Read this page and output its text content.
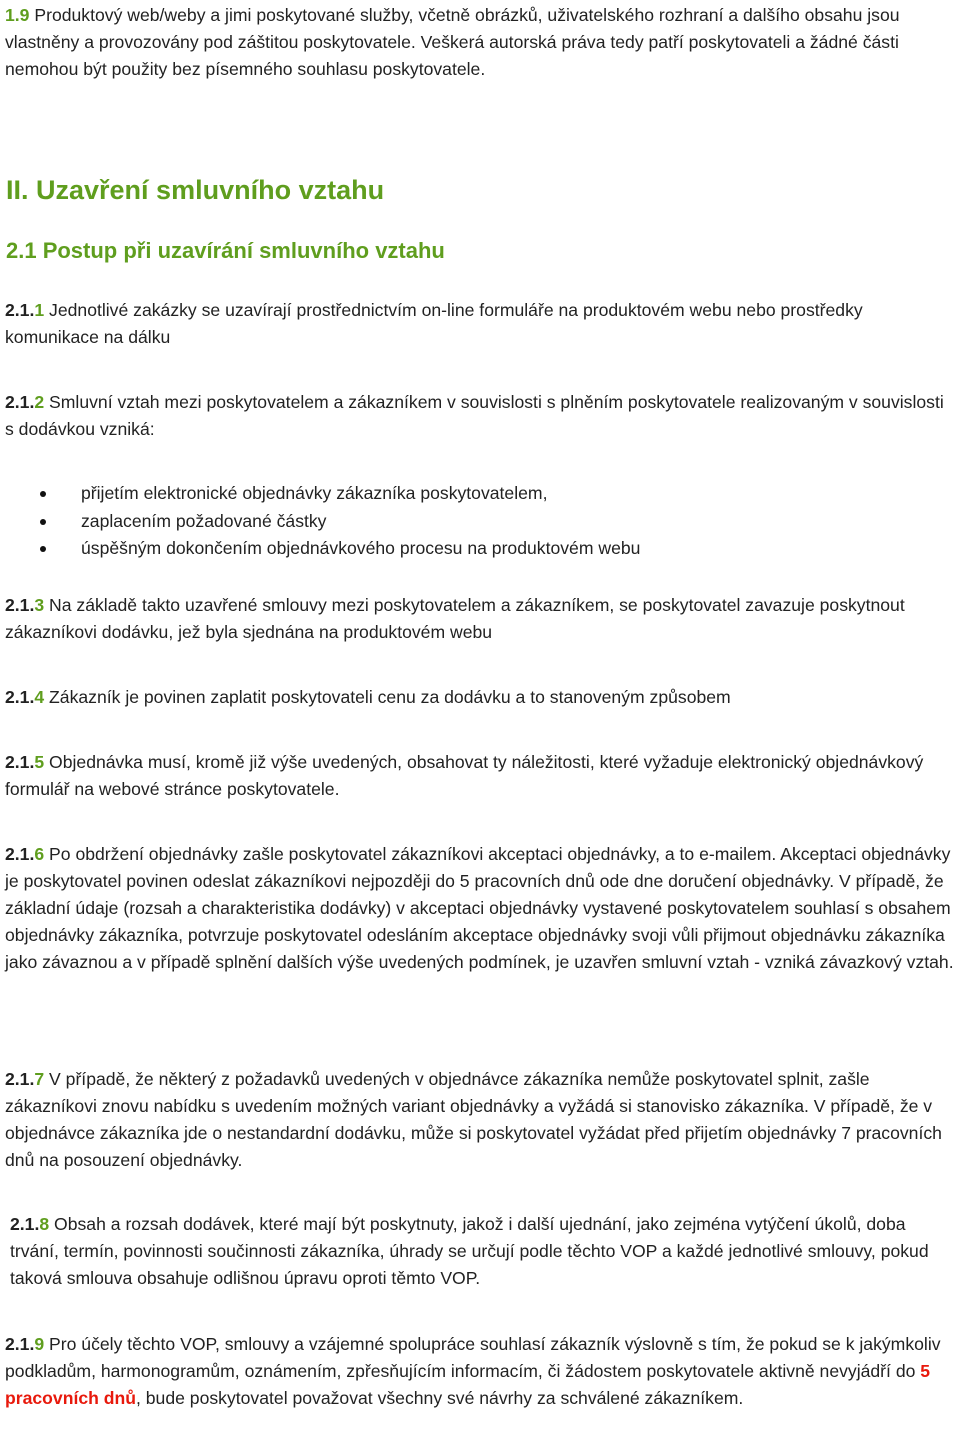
1.9 Produktový web/weby a jimi poskytované služby, včetně obrázků, uživatelského rozhraní a dalšího obsahu jsou vlastněny a provozovány pod záštitou poskytovatele. Veškerá autorská práva tedy patří poskytovateli a žádné části nemohou být použity bez písemného souhlasu poskytovatele.

II. Uzavření smluvního vztahu
2.1 Postup při uzavírání smluvního vztahu

2.1.1 Jednotlivé zakázky se uzavírají prostřednictvím on-line formuláře na produktovém webu nebo prostředky komunikace na dálku

2.1.2 Smluvní vztah mezi poskytovatelem a zákazníkem v souvislosti s plněním poskytovatele realizovaným v souvislosti s dodávkou vzniká:

přijetím elektronické objednávky zákazníka poskytovatelem,
zaplacením požadované částky
úspěšným dokončením objednávkového procesu na produktovém webu

2.1.3 Na základě takto uzavřené smlouvy mezi poskytovatelem a zákazníkem, se poskytovatel zavazuje poskytnout zákazníkovi dodávku, jež byla sjednána na produktovém webu

2.1.4 Zákazník je povinen zaplatit poskytovateli cenu za dodávku a to stanoveným způsobem

2.1.5 Objednávka musí, kromě již výše uvedených, obsahovat ty náležitosti, které vyžaduje elektronický objednávkový formulář na webové stránce poskytovatele.

2.1.6 Po obdržení objednávky zašle poskytovatel zákazníkovi akceptaci objednávky, a to e-mailem. Akceptaci objednávky je poskytovatel povinen odeslat zákazníkovi nejpozději do 5 pracovních dnů ode dne doručení objednávky. V případě, že základní údaje (rozsah a charakteristika dodávky) v akceptaci objednávky vystavené poskytovatelem souhlasí s obsahem objednávky zákazníka, potvrzuje poskytovatel odesláním akceptace objednávky svoji vůli přijmout objednávku zákazníka jako závaznou a v případě splnění dalších výše uvedených podmínek, je uzavřen smluvní vztah - vzniká závazkový vztah.

2.1.7 V případě, že některý z požadavků uvedených v objednávce zákazníka nemůže poskytovatel splnit, zašle zákazníkovi znovu nabídku s uvedením možných variant objednávky a vyžádá si stanovisko zákazníka. V případě, že v objednávce zákazníka jde o nestandardní dodávku, může si poskytovatel vyžádat před přijetím objednávky 7 pracovních dnů na posouzení objednávky.

2.1.8 Obsah a rozsah dodávek, které mají být poskytnuty, jakož i další ujednání, jako zejména vytýčení úkolů, doba trvání, termín, povinnosti součinnosti zákazníka, úhrady se určují podle těchto VOP a každé jednotlivé smlouvy, pokud taková smlouva obsahuje odlišnou úpravu oproti těmto VOP.

2.1.9 Pro účely těchto VOP, smlouvy a vzájemné spolupráce souhlasí zákazník výslovně s tím, že pokud se k jakýmkoliv podkladům, harmonogramům, oznámením, zpřesňujícím informacím, či žádostem poskytovatele aktivně nevyjádří do 5 pracovních dnů, bude poskytovatel považovat všechny své návrhy za schválené zákazníkem.
